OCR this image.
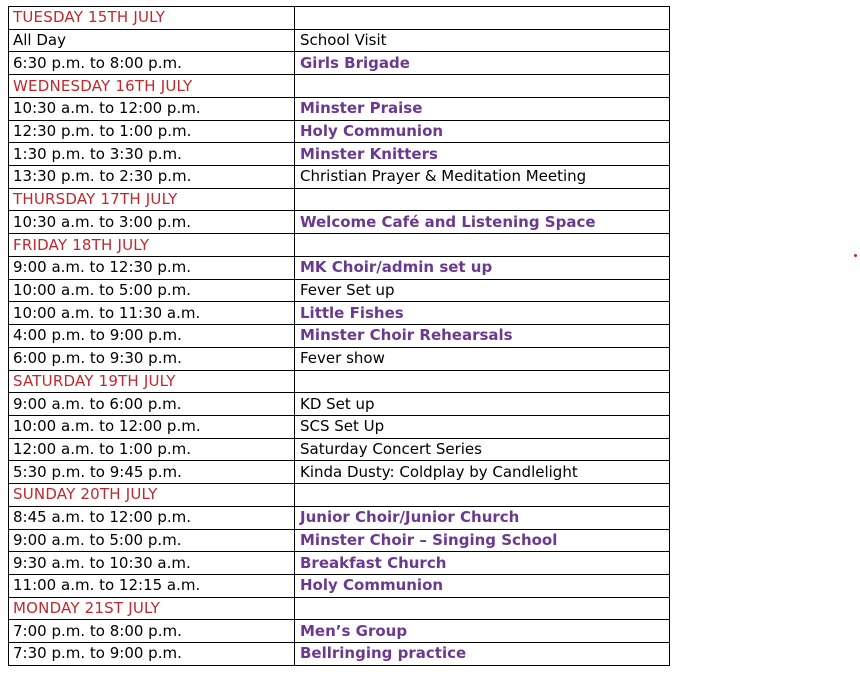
TUESDAY 15TH JULY	
All Day	School Visit
6:30 p.m. to 8:00 p.m.	Girls Brigade
WEDNESDAY 16TH JULY	
10:30 a.m. to 12:00 p.m.	Minster Praise
12:30 p.m. to 1:00 p.m.	Holy Communion
1:30 p.m. to 3:30 p.m.	Minster Knitters
13:30 p.m. to 2:30 p.m.	Christian Prayer & Meditation Meeting
THURSDAY 17TH JULY	
10:30 a.m. to 3:00 p.m.	Welcome Café and Listening Space
FRIDAY 18TH JULY	
9:00 a.m. to 12:30 p.m.	MK Choir/admin set up
10:00 a.m. to 5:00 p.m.	Fever Set up
10:00 a.m. to 11:30 a.m.	Little Fishes
4:00 p.m. to 9:00 p.m.	Minster Choir Rehearsals
6:00 p.m. to 9:30 p.m.	Fever show
SATURDAY 19TH JULY	
9:00 a.m. to 6:00 p.m.	KD Set up
10:00 a.m. to 12:00 p.m.	SCS Set Up
12:00 a.m. to 1:00 p.m.	Saturday Concert Series
5:30 p.m. to 9:45 p.m.	Kinda Dusty: Coldplay by Candlelight
SUNDAY 20TH JULY	
8:45 a.m. to 12:00 p.m.	Junior Choir/Junior Church
9:00 a.m. to 5:00 p.m.	Minster Choir – Singing School
9:30 a.m. to 10:30 a.m.	Breakfast Church
11:00 a.m. to 12:15 a.m.	Holy Communion
MONDAY 21ST JULY	
7:00 p.m. to 8:00 p.m.	Men’s Group
7:30 p.m. to 9:00 p.m.	Bellringing practice
